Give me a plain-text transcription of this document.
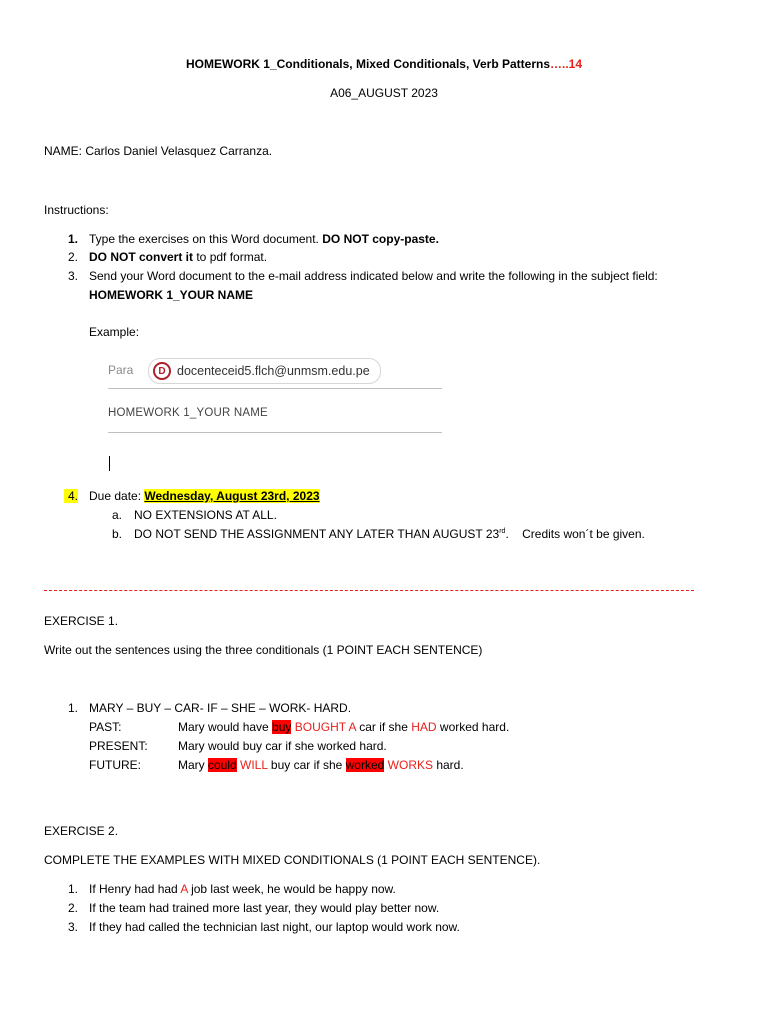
HOMEWORK 1_Conditionals, Mixed Conditionals, Verb Patterns…..14
A06_AUGUST 2023
NAME: Carlos Daniel Velasquez Carranza.
Instructions:
1. Type the exercises on this Word document. DO NOT copy-paste.
2. DO NOT convert it to pdf format.
3. Send your Word document to the e-mail address indicated below and write the following in the subject field:
HOMEWORK 1_YOUR NAME
Example:
Para	D docenteceid5.flch@unmsm.edu.pe
HOMEWORK 1_YOUR NAME
4. Due date: Wednesday, August 23rd, 2023
a. NO EXTENSIONS AT ALL.
b. DO NOT SEND THE ASSIGNMENT ANY LATER THAN AUGUST 23rd.    Credits won´t be given.
EXERCISE 1.
Write out the sentences using the three conditionals (1 POINT EACH SENTENCE)
1. MARY – BUY – CAR- IF – SHE – WORK- HARD.
PAST:	Mary would have buy BOUGHT A car if she HAD worked hard.
PRESENT:	Mary would buy car if she worked hard.
FUTURE:	Mary could WILL buy car if she worked WORKS hard.
EXERCISE 2.
COMPLETE THE EXAMPLES WITH MIXED CONDITIONALS (1 POINT EACH SENTENCE).
1. If Henry had had A job last week, he would be happy now.
2. If the team had trained more last year, they would play better now.
3. If they had called the technician last night, our laptop would work now.
